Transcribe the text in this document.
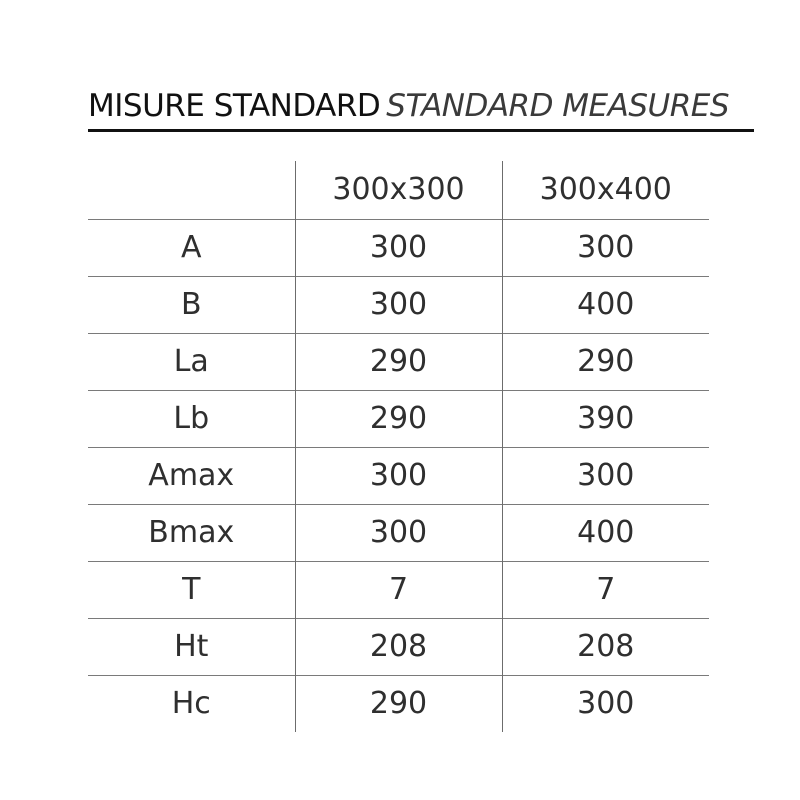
MISURE STANDARD STANDARD MEASURES
	300x300	300x400
A	300	300
B	300	400
La	290	290
Lb	290	390
Amax	300	300
Bmax	300	400
T	7	7
Ht	208	208
Hc	290	300
